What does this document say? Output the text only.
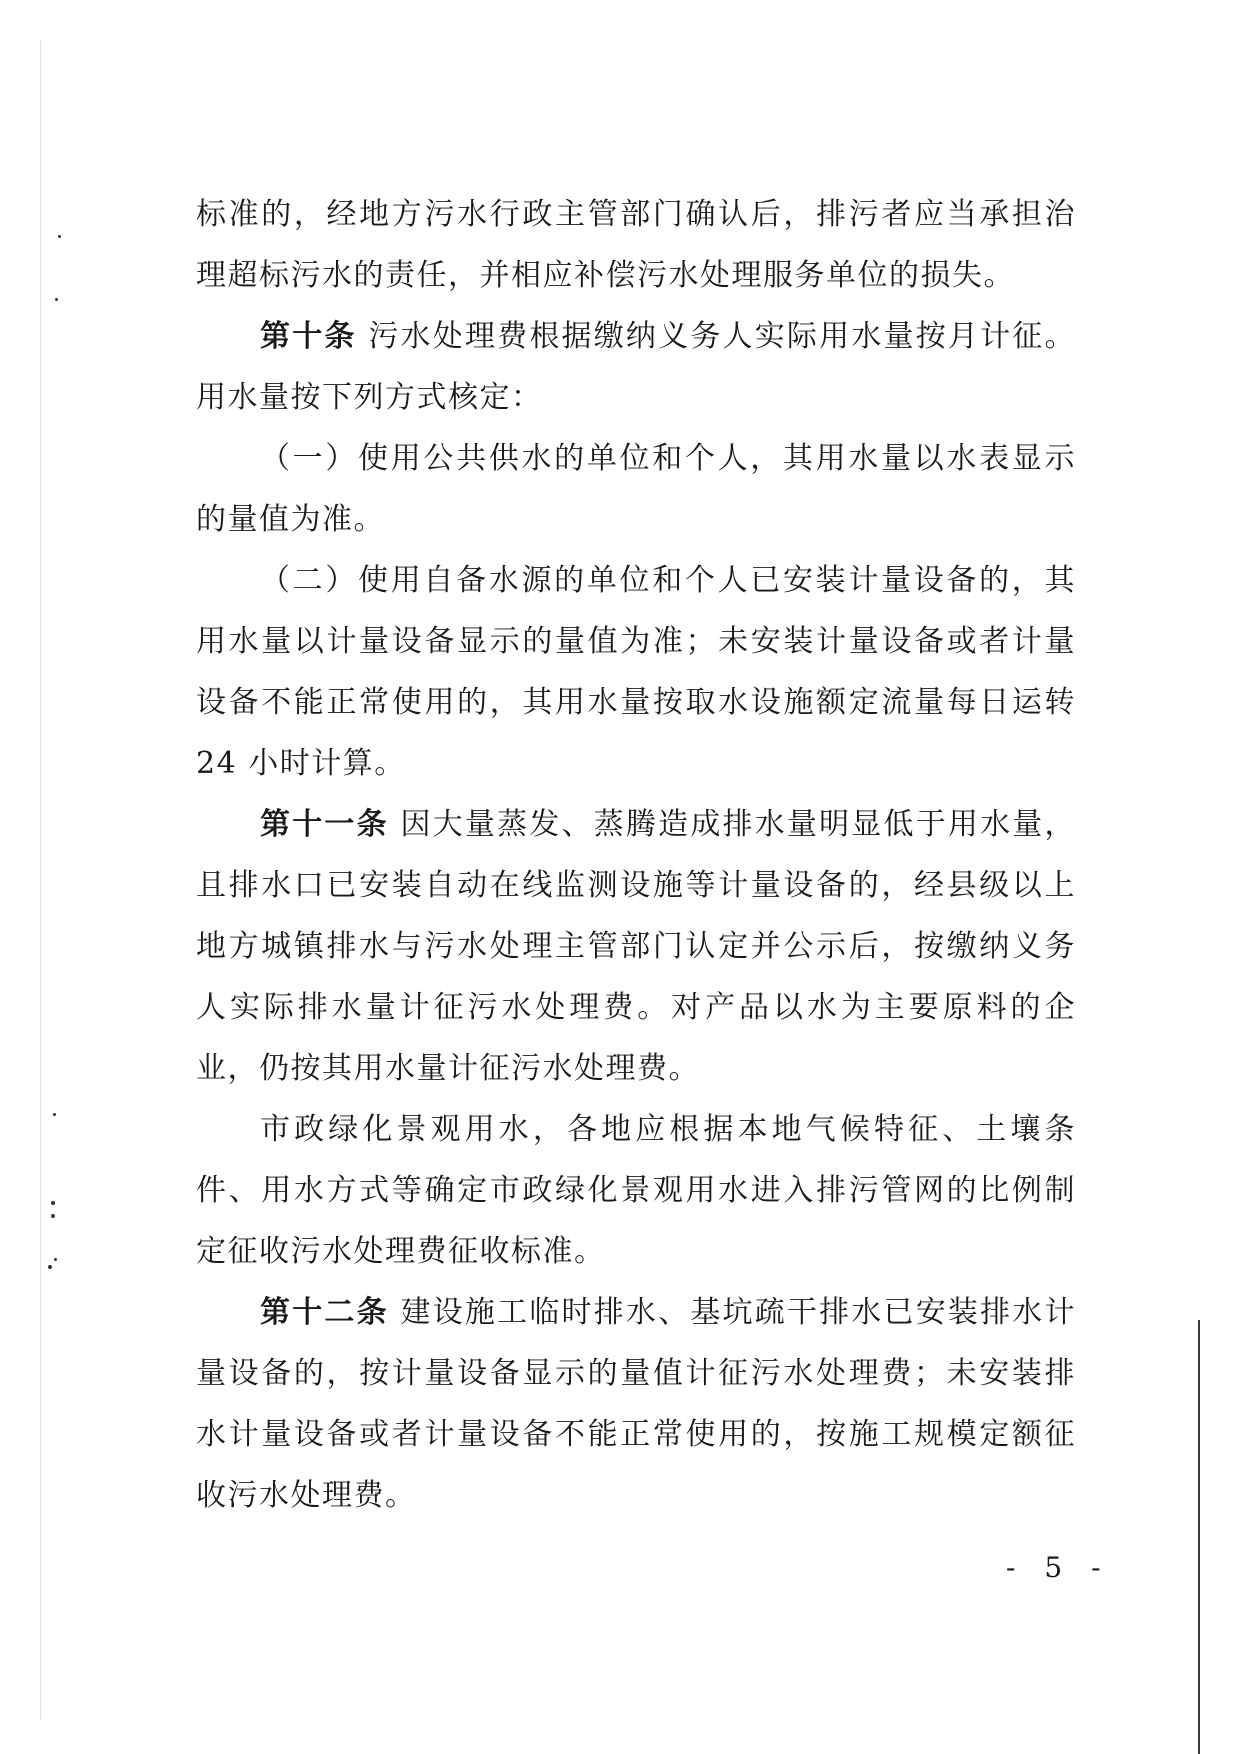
标准的，经地方污水行政主管部门确认后，排污者应当承担治理超标污水的责任，并相应补偿污水处理服务单位的损失。

第十条 污水处理费根据缴纳义务人实际用水量按月计征。用水量按下列方式核定：

（一）使用公共供水的单位和个人，其用水量以水表显示的量值为准。

（二）使用自备水源的单位和个人已安装计量设备的，其用水量以计量设备显示的量值为准；未安装计量设备或者计量设备不能正常使用的，其用水量按取水设施额定流量每日运转 24 小时计算。

第十一条 因大量蒸发、蒸腾造成排水量明显低于用水量，且排水口已安装自动在线监测设施等计量设备的，经县级以上地方城镇排水与污水处理主管部门认定并公示后，按缴纳义务人实际排水量计征污水处理费。对产品以水为主要原料的企业，仍按其用水量计征污水处理费。

市政绿化景观用水，各地应根据本地气候特征、土壤条件、用水方式等确定市政绿化景观用水进入排污管网的比例制定征收污水处理费征收标准。

第十二条 建设施工临时排水、基坑疏干排水已安装排水计量设备的，按计量设备显示的量值计征污水处理费；未安装排水计量设备或者计量设备不能正常使用的，按施工规模定额征收污水处理费。

- 5 -
